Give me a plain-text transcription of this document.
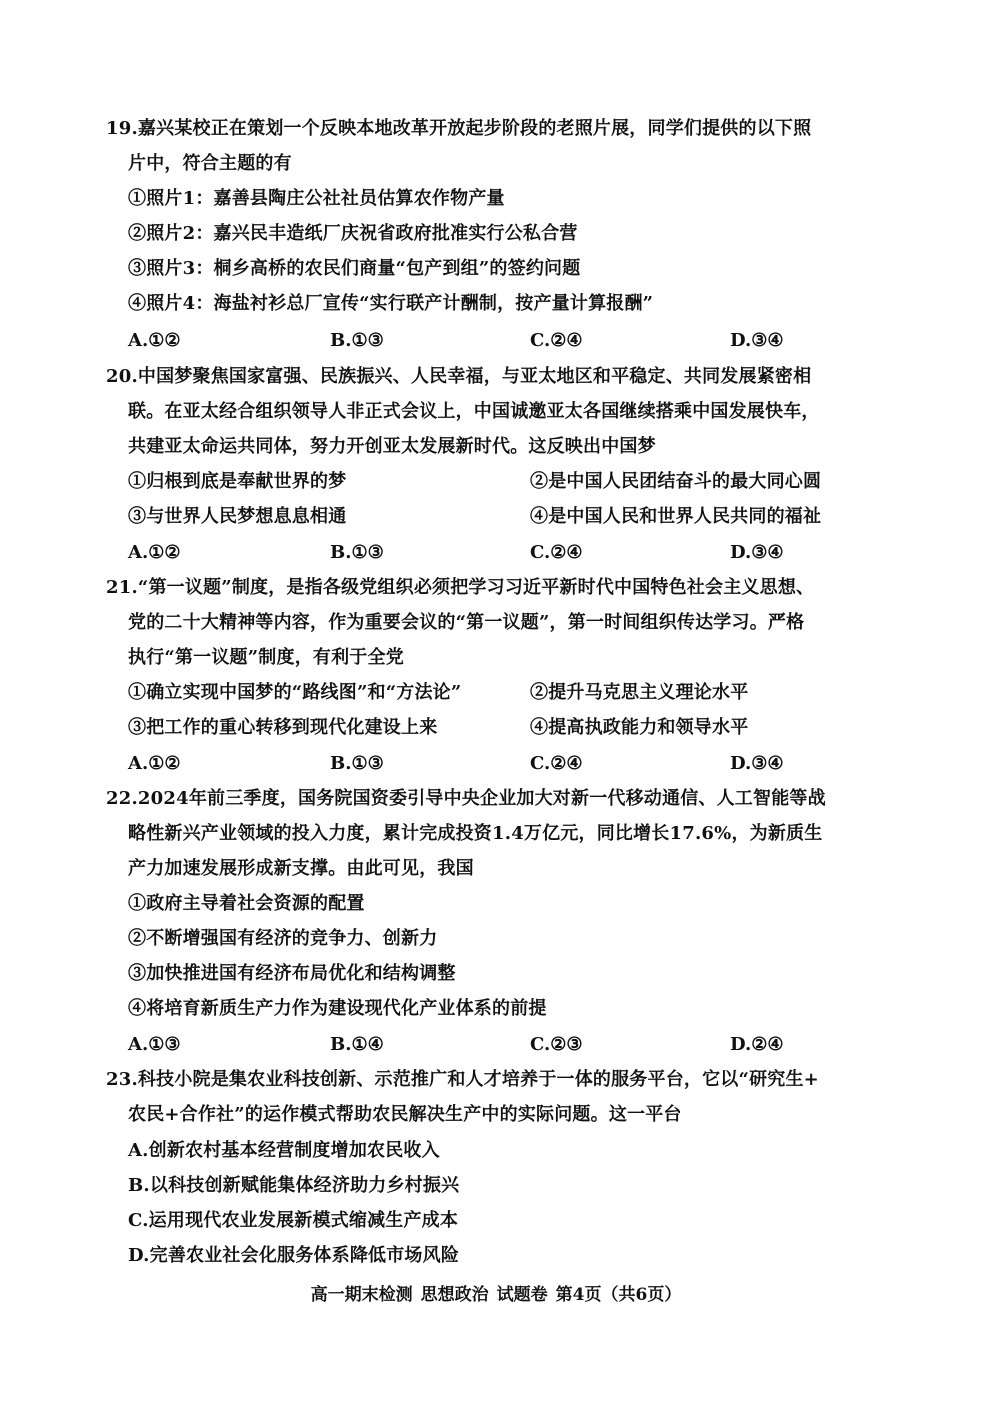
19.嘉兴某校正在策划一个反映本地改革开放起步阶段的老照片展，同学们提供的以下照
片中，符合主题的有
①照片1：嘉善县陶庄公社社员估算农作物产量
②照片2：嘉兴民丰造纸厂庆祝省政府批准实行公私合营
③照片3：桐乡高桥的农民们商量“包产到组”的签约问题
④照片4：海盐衬衫总厂宣传“实行联产计酬制，按产量计算报酬”
A.①②	B.①③	C.②④	D.③④
20.中国梦聚焦国家富强、民族振兴、人民幸福，与亚太地区和平稳定、共同发展紧密相
联。在亚太经合组织领导人非正式会议上，中国诚邀亚太各国继续搭乘中国发展快车，
共建亚太命运共同体，努力开创亚太发展新时代。这反映出中国梦
①归根到底是奉献世界的梦	②是中国人民团结奋斗的最大同心圆
③与世界人民梦想息息相通	④是中国人民和世界人民共同的福祉
A.①②	B.①③	C.②④	D.③④
21.“第一议题”制度，是指各级党组织必须把学习习近平新时代中国特色社会主义思想、
党的二十大精神等内容，作为重要会议的“第一议题”，第一时间组织传达学习。严格
执行“第一议题”制度，有利于全党
①确立实现中国梦的“路线图”和“方法论”	②提升马克思主义理论水平
③把工作的重心转移到现代化建设上来	④提高执政能力和领导水平
A.①②	B.①③	C.②④	D.③④
22.2024年前三季度，国务院国资委引导中央企业加大对新一代移动通信、人工智能等战
略性新兴产业领域的投入力度，累计完成投资1.4万亿元，同比增长17.6%，为新质生
产力加速发展形成新支撑。由此可见，我国
①政府主导着社会资源的配置
②不断增强国有经济的竞争力、创新力
③加快推进国有经济布局优化和结构调整
④将培育新质生产力作为建设现代化产业体系的前提
A.①③	B.①④	C.②③	D.②④
23.科技小院是集农业科技创新、示范推广和人才培养于一体的服务平台，它以“研究生+
农民+合作社”的运作模式帮助农民解决生产中的实际问题。这一平台
A.创新农村基本经营制度增加农民收入
B.以科技创新赋能集体经济助力乡村振兴
C.运用现代农业发展新模式缩减生产成本
D.完善农业社会化服务体系降低市场风险
高一期末检测 思想政治 试题卷 第4页（共6页）
